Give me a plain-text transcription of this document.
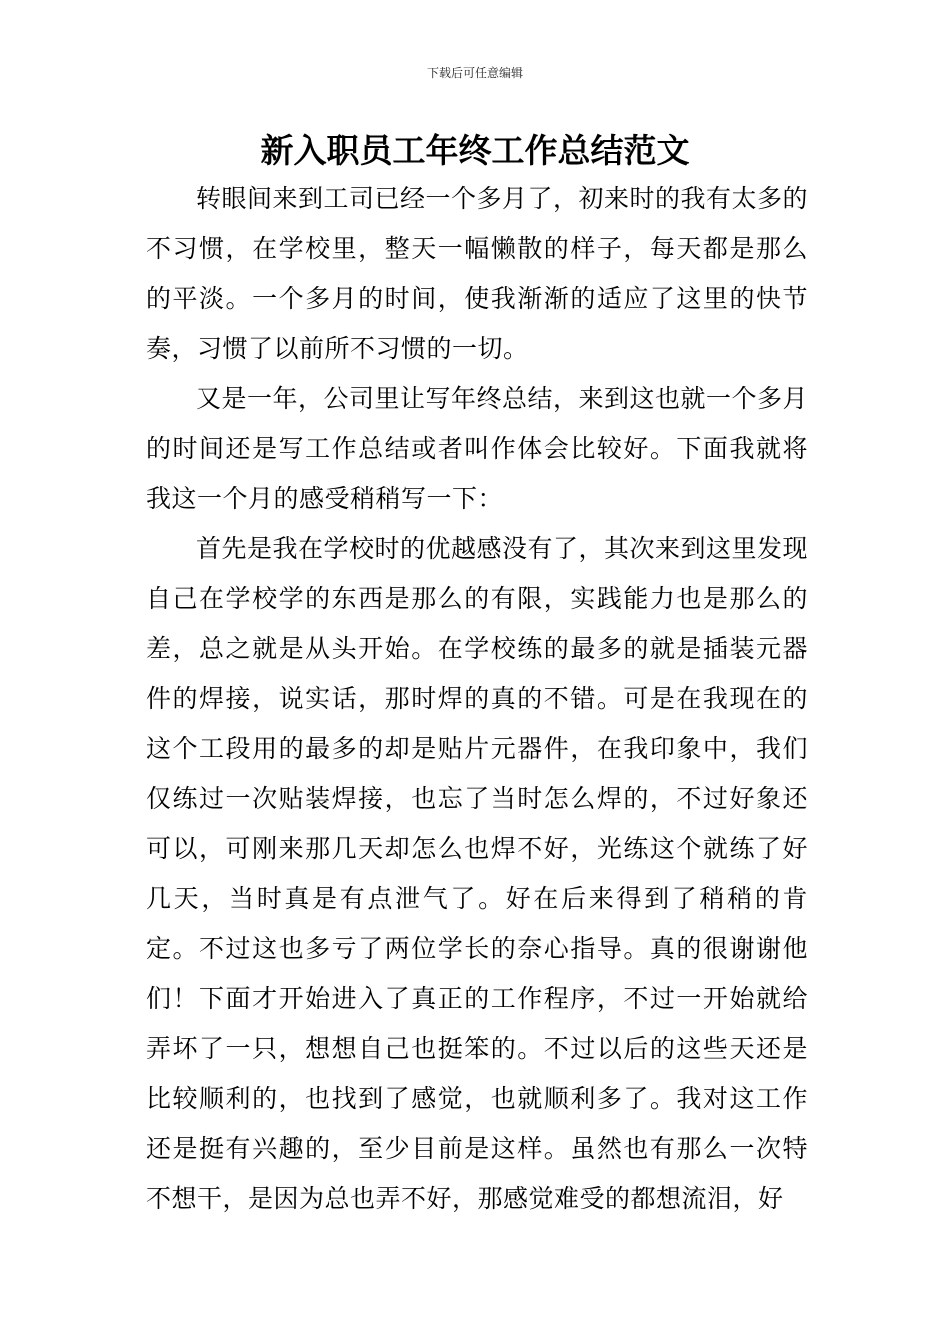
下载后可任意编辑
新入职员工年终工作总结范文

转眼间来到工司已经一个多月了，初来时的我有太多的不习惯，在学校里，整天一幅懒散的样子，每天都是那么的平淡。一个多月的时间，使我渐渐的适应了这里的快节奏，习惯了以前所不习惯的一切。

又是一年，公司里让写年终总结，来到这也就一个多月的时间还是写工作总结或者叫作体会比较好。下面我就将我这一个月的感受稍稍写一下：

首先是我在学校时的优越感没有了，其次来到这里发现自己在学校学的东西是那么的有限，实践能力也是那么的差，总之就是从头开始。在学校练的最多的就是插装元器件的焊接，说实话，那时焊的真的不错。可是在我现在的这个工段用的最多的却是贴片元器件，在我印象中，我们仅练过一次贴装焊接，也忘了当时怎么焊的，不过好象还可以，可刚来那几天却怎么也焊不好，光练这个就练了好几天，当时真是有点泄气了。好在后来得到了稍稍的肯定。不过这也多亏了两位学长的奈心指导。真的很谢谢他们！下面才开始进入了真正的工作程序，不过一开始就给弄坏了一只，想想自己也挺笨的。不过以后的这些天还是比较顺利的，也找到了感觉，也就顺利多了。我对这工作还是挺有兴趣的，至少目前是这样。虽然也有那么一次特不想干，是因为总也弄不好，那感觉难受的都想流泪，好
